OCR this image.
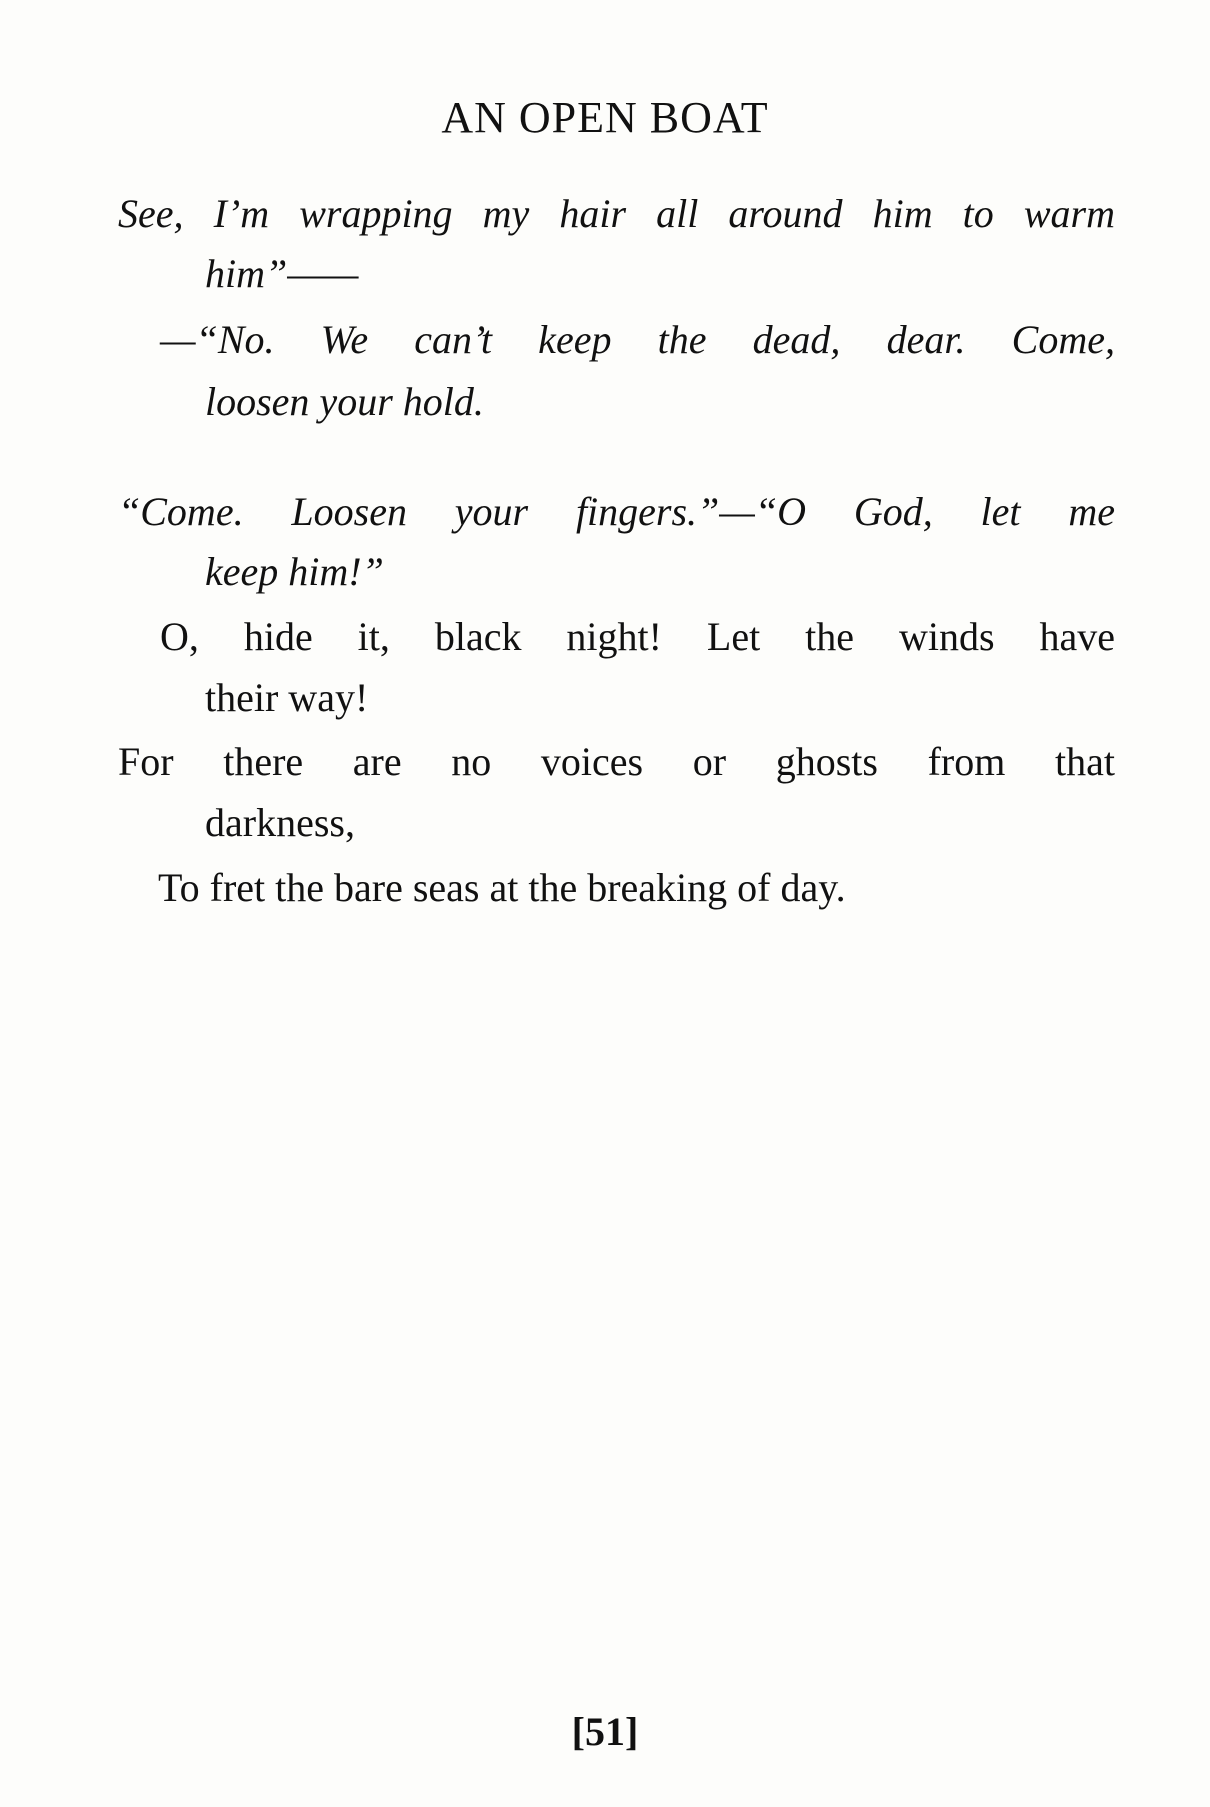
AN OPEN BOAT
See, I’m wrapping my hair all around him to warm
him”——
—“No. We can’t keep the dead, dear. Come,
loosen your hold.
“Come. Loosen your fingers.”—“O God, let me
keep him!”
O, hide it, black night! Let the winds have
their way!
For there are no voices or ghosts from that
darkness,
To fret the bare seas at the breaking of day.
[51]
